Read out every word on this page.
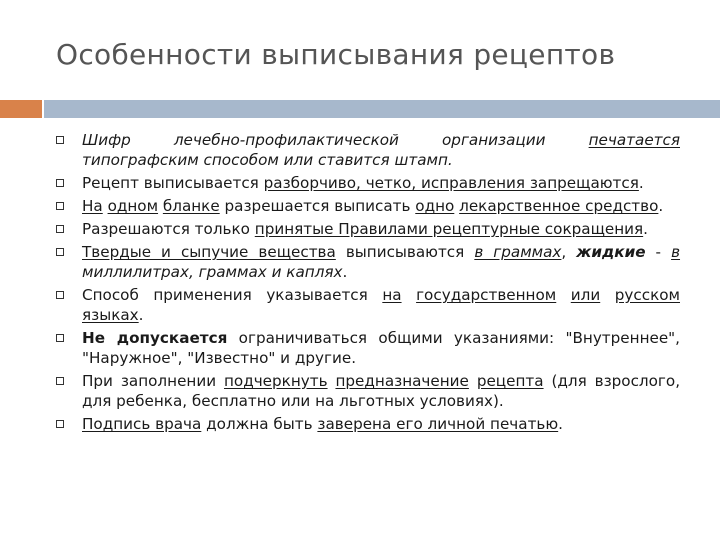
Особенности выписывания рецептов
Шифр лечебно-профилактической организации печатается типографским способом или ставится штамп.
Рецепт выписывается разборчиво, четко, исправления запрещаются.
На одном бланке разрешается выписать одно лекарственное средство.
Разрешаются только принятые Правилами рецептурные сокращения.
Твердые и сыпучие вещества выписываются в граммах, жидкие - в миллилитрах, граммах и каплях.
Способ применения указывается на государственном или русском языках.
Не допускается ограничиваться общими указаниями: "Внутреннее", "Наружное", "Известно" и другие.
При заполнении подчеркнуть предназначение рецепта (для взрослого, для ребенка, бесплатно или на льготных условиях).
Подпись врача должна быть заверена его личной печатью.
